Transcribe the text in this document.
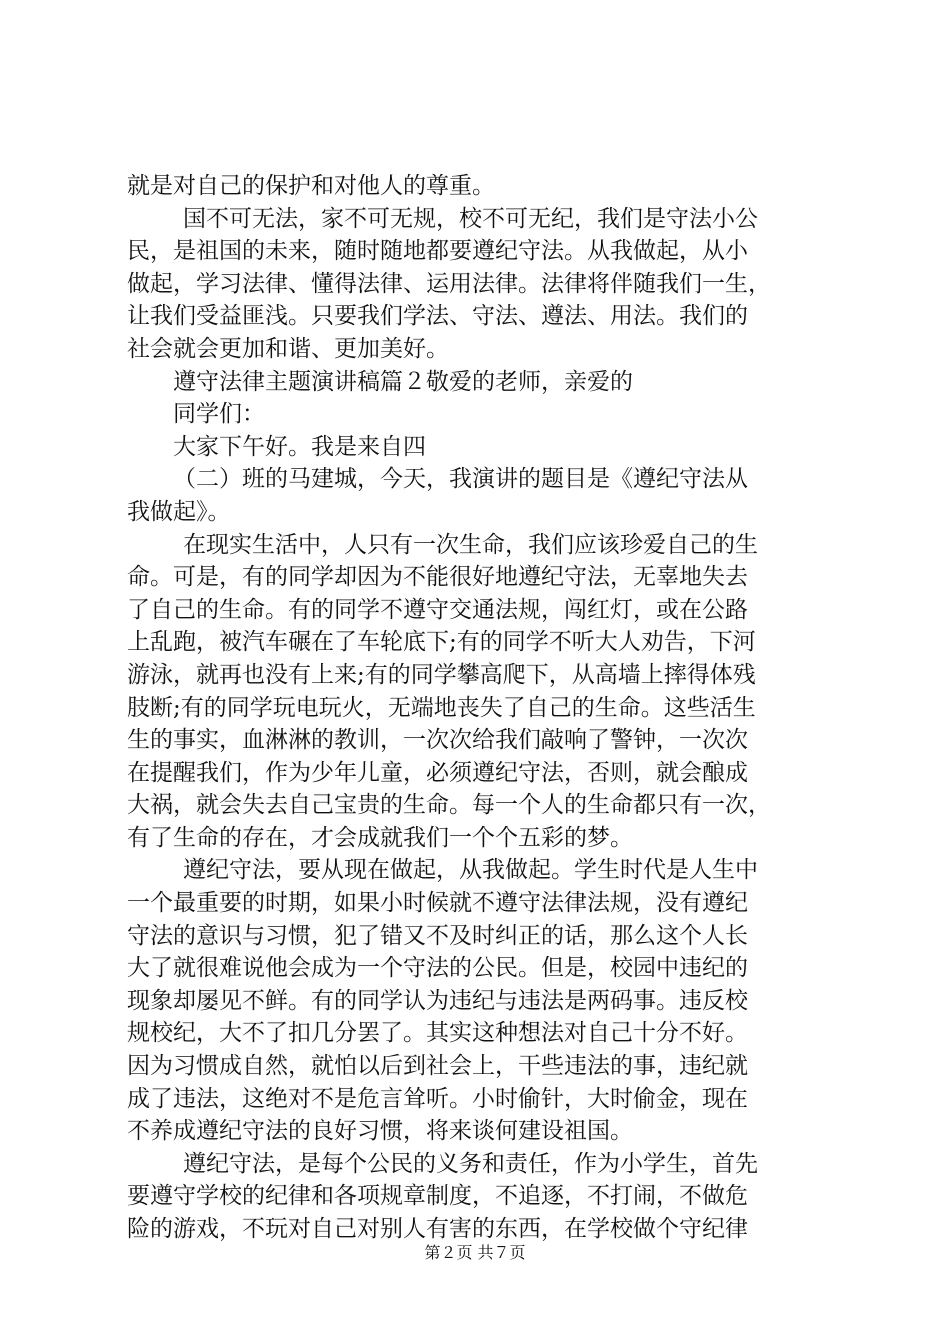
就是对自己的保护和对他人的尊重。
国不可无法，家不可无规，校不可无纪，我们是守法小公
民，是祖国的未来，随时随地都要遵纪守法。从我做起，从小
做起，学习法律、懂得法律、运用法律。法律将伴随我们一生，
让我们受益匪浅。只要我们学法、守法、遵法、用法。我们的
社会就会更加和谐、更加美好。
遵守法律主题演讲稿篇２敬爱的老师，亲爱的
同学们：
大家下午好。我是来自四
（二）班的马建城，今天，我演讲的题目是《遵纪守法从
我做起》。
在现实生活中，人只有一次生命，我们应该珍爱自己的生
命。可是，有的同学却因为不能很好地遵纪守法，无辜地失去
了自己的生命。有的同学不遵守交通法规，闯红灯，或在公路
上乱跑，被汽车碾在了车轮底下;有的同学不听大人劝告，下河
游泳，就再也没有上来;有的同学攀高爬下，从高墙上摔得体残
肢断;有的同学玩电玩火，无端地丧失了自己的生命。这些活生
生的事实，血淋淋的教训，一次次给我们敲响了警钟，一次次
在提醒我们，作为少年儿童，必须遵纪守法，否则，就会酿成
大祸，就会失去自己宝贵的生命。每一个人的生命都只有一次，
有了生命的存在，才会成就我们一个个五彩的梦。
遵纪守法，要从现在做起，从我做起。学生时代是人生中
一个最重要的时期，如果小时候就不遵守法律法规，没有遵纪
守法的意识与习惯，犯了错又不及时纠正的话，那么这个人长
大了就很难说他会成为一个守法的公民。但是，校园中违纪的
现象却屡见不鲜。有的同学认为违纪与违法是两码事。违反校
规校纪，大不了扣几分罢了。其实这种想法对自己十分不好。
因为习惯成自然，就怕以后到社会上，干些违法的事，违纪就
成了违法，这绝对不是危言耸听。小时偷针，大时偷金，现在
不养成遵纪守法的良好习惯，将来谈何建设祖国。
遵纪守法，是每个公民的义务和责任，作为小学生，首先
要遵守学校的纪律和各项规章制度，不追逐，不打闹，不做危
险的游戏，不玩对自己对别人有害的东西，在学校做个守纪律
第２页 共７页
